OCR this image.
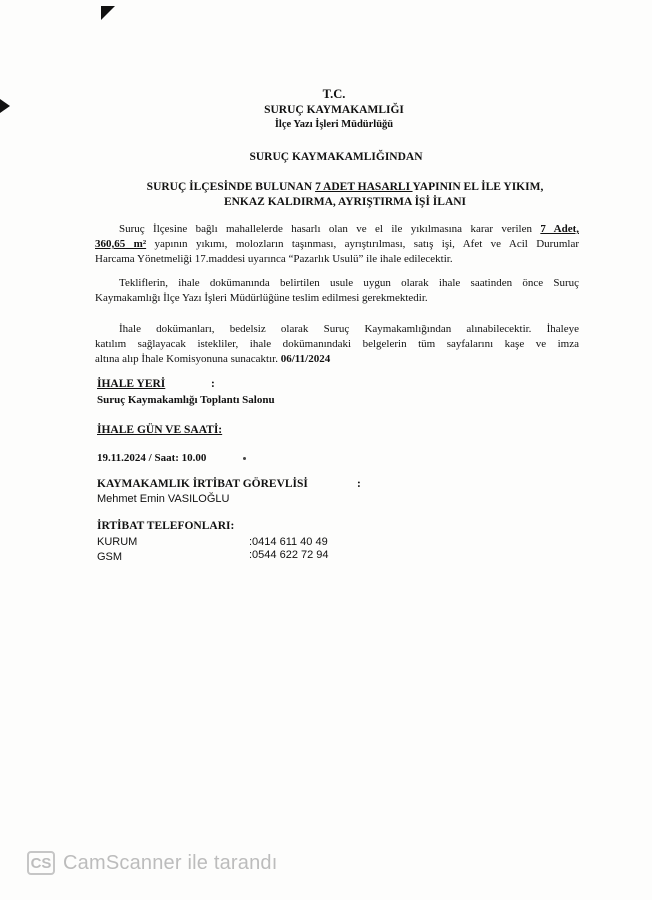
T.C.
SURUÇ KAYMAKAMLIĞI
İlçe Yazı İşleri Müdürlüğü
SURUÇ KAYMAKAMLIĞINDAN
SURUÇ İLÇESİNDE BULUNAN 7 ADET HASARLI YAPININ EL İLE YIKIM,
ENKAZ KALDIRMA, AYRIŞTIRMA İŞİ İLANI
Suruç İlçesine bağlı mahallelerde hasarlı olan ve el ile yıkılmasına karar verilen 7 Adet,
360,65 m² yapının yıkımı, molozların taşınması, ayrıştırılması, satış işi, Afet ve Acil Durumlar
Harcama Yönetmeliği 17.maddesi uyarınca “Pazarlık Usulü” ile ihale edilecektir.
Tekliflerin, ihale dokümanında belirtilen usule uygun olarak ihale saatinden önce Suruç
Kaymakamlığı İlçe Yazı İşleri Müdürlüğüne teslim edilmesi gerekmektedir.
İhale dokümanları, bedelsiz olarak Suruç Kaymakamlığından alınabilecektir. İhaleye
katılım sağlayacak istekliler, ihale dokümanındaki belgelerin tüm sayfalarını kaşe ve imza
altına alıp İhale Komisyonuna sunacaktır. 06/11/2024
İHALE YERİ	:
Suruç Kaymakamlığı Toplantı Salonu
İHALE GÜN VE SAATİ:
19.11.2024 / Saat: 10.00
KAYMAKAMLIK İRTİBAT GÖREVLİSİ	:
Mehmet Emin VASILOĞLU
İRTİBAT TELEFONLARI:
KURUM	:0414 611 40 49
GSM	:0544 622 72 94
CS CamScanner ile tarandı
